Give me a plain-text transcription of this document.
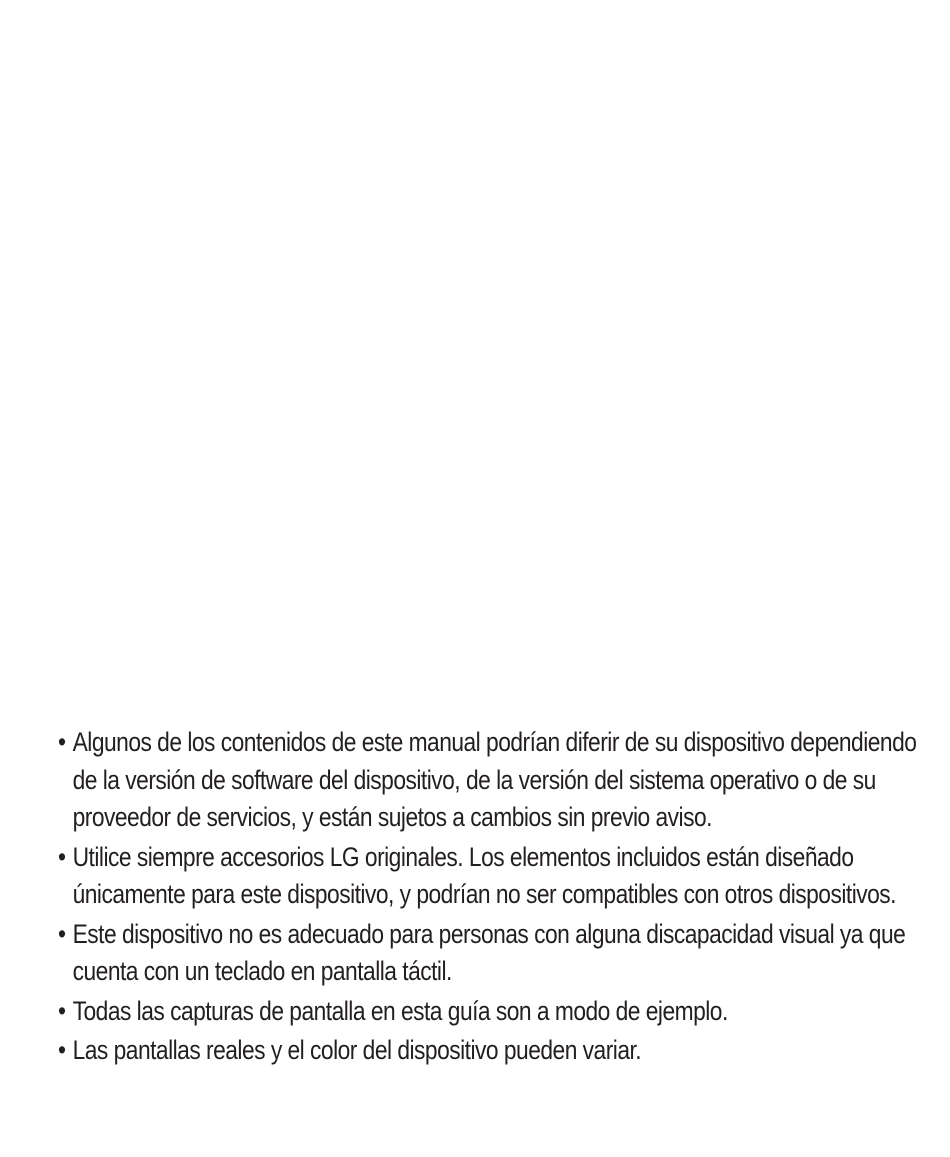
• Algunos de los contenidos de este manual podrían diferir de su dispositivo dependiendo de la versión de software del dispositivo, de la versión del sistema operativo o de su proveedor de servicios, y están sujetos a cambios sin previo aviso.
• Utilice siempre accesorios LG originales. Los elementos incluidos están diseñado únicamente para este dispositivo, y podrían no ser compatibles con otros dispositivos.
• Este dispositivo no es adecuado para personas con alguna discapacidad visual ya que cuenta con un teclado en pantalla táctil.
• Todas las capturas de pantalla en esta guía son a modo de ejemplo.
• Las pantallas reales y el color del dispositivo pueden variar.
